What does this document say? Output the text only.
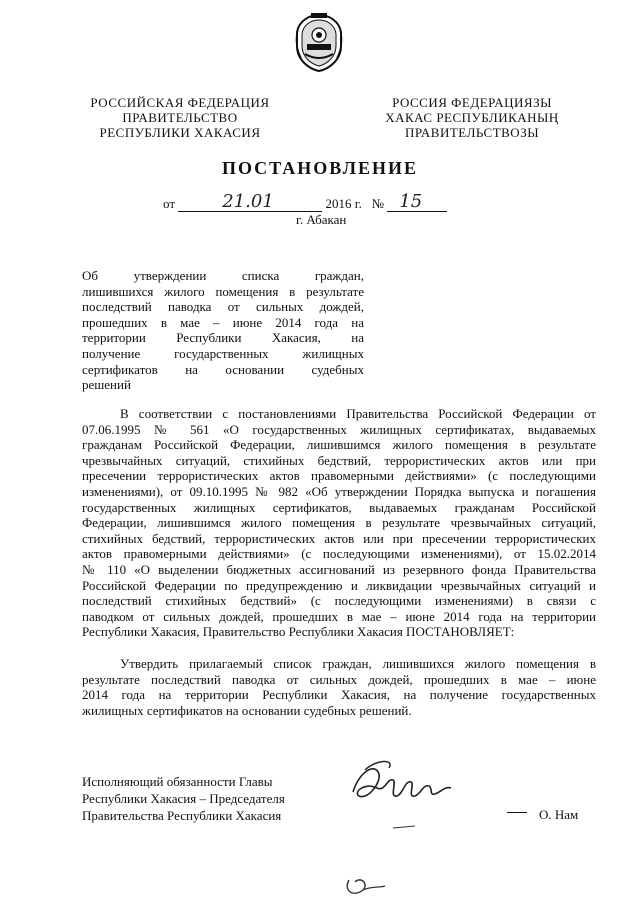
РОССИЙСКАЯ ФЕДЕРАЦИЯ
ПРАВИТЕЛЬСТВО
РЕСПУБЛИКИ ХАКАСИЯ
РОССИЯ ФЕДЕРАЦИЯЗЫ
ХАКАС РЕСПУБЛИКАНЫҢ
ПРАВИТЕЛЬСТВОЗЫ
ПОСТАНОВЛЕНИЕ
от	21.01	2016 г. № 15
г. Абакан
Об утверждении списка граждан,
лишившихся жилого помещения в результате
последствий паводка от сильных дождей,
прошедших в мае – июне 2014 года на
территории Республики Хакасия, на
получение государственных жилищных
сертификатов на основании судебных
решений
В соответствии с постановлениями Правительства Российской Федерации от
07.06.1995 № 561 «О государственных жилищных сертификатах, выдаваемых
гражданам Российской Федерации, лишившимся жилого помещения в результате
чрезвычайных ситуаций, стихийных бедствий, террористических актов или при
пресечении террористических актов правомерными действиями» (с последующими
изменениями), от 09.10.1995 № 982 «Об утверждении Порядка выпуска и погашения
государственных жилищных сертификатов, выдаваемых гражданам Российской
Федерации, лишившимся жилого помещения в результате чрезвычайных ситуаций,
стихийных бедствий, террористических актов или при пресечении террористических
актов правомерными действиями» (с последующими изменениями), от 15.02.2014
№ 110 «О выделении бюджетных ассигнований из резервного фонда Правительства
Российской Федерации по предупреждению и ликвидации чрезвычайных ситуаций и
последствий стихийных бедствий» (с последующими изменениями) в связи с
паводком от сильных дождей, прошедших в мае – июне 2014 года на территории
Республики Хакасия, Правительство Республики Хакасия ПОСТАНОВЛЯЕТ:
Утвердить прилагаемый список граждан, лишившихся жилого помещения в
результате последствий паводка от сильных дождей, прошедших в мае – июне
2014 года на территории Республики Хакасия, на получение государственных
жилищных сертификатов на основании судебных решений.
Исполняющий обязанности Главы
Республики Хакасия – Председателя
Правительства Республики Хакасия	О. Нам
